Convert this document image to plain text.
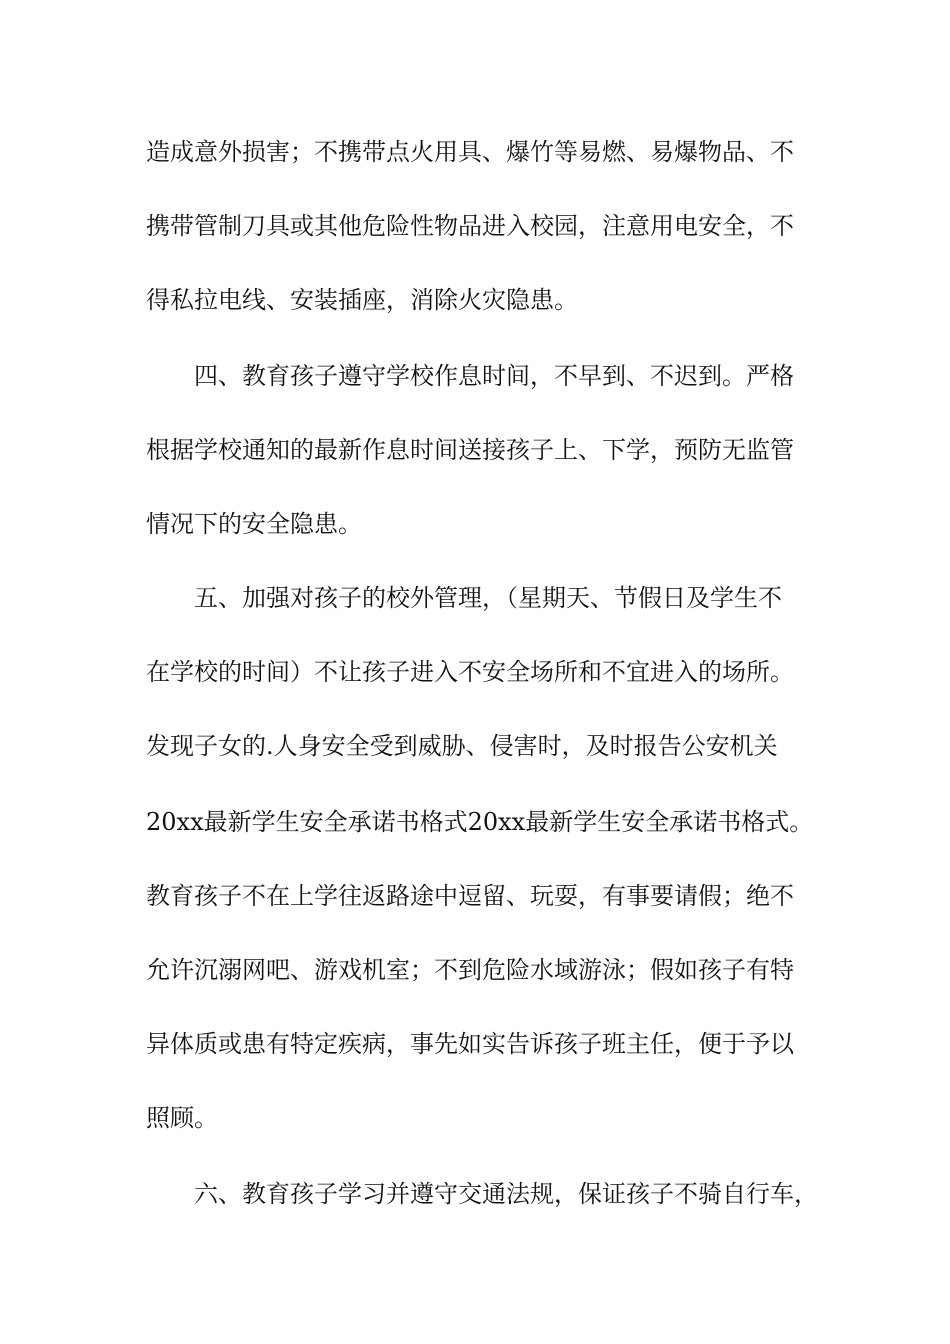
造成意外损害；不携带点火用具、爆竹等易燃、易爆物品、不
携带管制刀具或其他危险性物品进入校园，注意用电安全，不
得私拉电线、安装插座，消除火灾隐患。
　　四、教育孩子遵守学校作息时间，不早到、不迟到。严格
根据学校通知的最新作息时间送接孩子上、下学，预防无监管
情况下的安全隐患。
　　五、加强对孩子的校外管理，（星期天、节假日及学生不
在学校的时间）不让孩子进入不安全场所和不宜进入的场所。
发现子女的.人身安全受到威胁、侵害时，及时报告公安机关
20xx最新学生安全承诺书格式20xx最新学生安全承诺书格式。
教育孩子不在上学往返路途中逗留、玩耍，有事要请假；绝不
允许沉溺网吧、游戏机室；不到危险水域游泳；假如孩子有特
异体质或患有特定疾病，事先如实告诉孩子班主任，便于予以
照顾。
　　六、教育孩子学习并遵守交通法规，保证孩子不骑自行车，
